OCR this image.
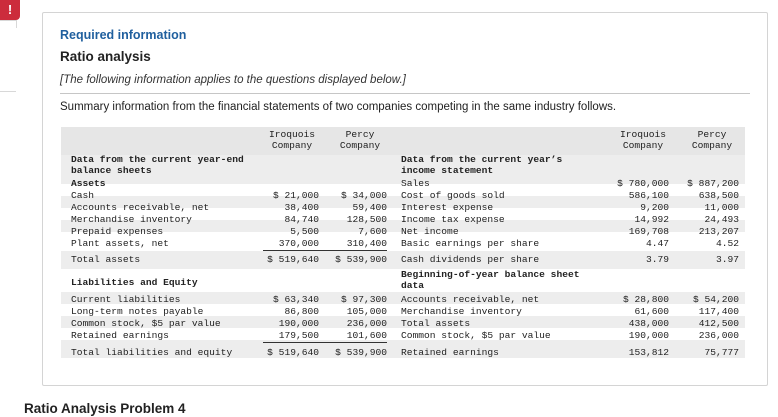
!
Required information
Ratio analysis
[The following information applies to the questions displayed below.]
Summary information from the financial statements of two companies competing in the same industry follows.
Iroquois
Company
Percy
Company
Iroquois
Company
Percy
Company
Data from the current year-end
balance sheets
Assets
Cash	$ 21,000	$ 34,000
Accounts receivable, net	38,400	59,400
Merchandise inventory	84,740	128,500
Prepaid expenses	5,500	7,600
Plant assets, net	370,000	310,400
Total assets	$ 519,640	$ 539,900
Liabilities and Equity
Current liabilities	$ 63,340	$ 97,300
Long-term notes payable	86,800	105,000
Common stock, $5 par value	190,000	236,000
Retained earnings	179,500	101,600
Total liabilities and equity	$ 519,640	$ 539,900
Data from the current year’s
income statement
Sales	$ 780,000	$ 887,200
Cost of goods sold	586,100	638,500
Interest expense	9,200	11,000
Income tax expense	14,992	24,493
Net income	169,708	213,207
Basic earnings per share	4.47	4.52
Cash dividends per share	3.79	3.97
Beginning-of-year balance sheet
data
Accounts receivable, net	$ 28,800	$ 54,200
Merchandise inventory	61,600	117,400
Total assets	438,000	412,500
Common stock, $5 par value	190,000	236,000
Retained earnings	153,812	75,777
Ratio Analysis Problem 4
